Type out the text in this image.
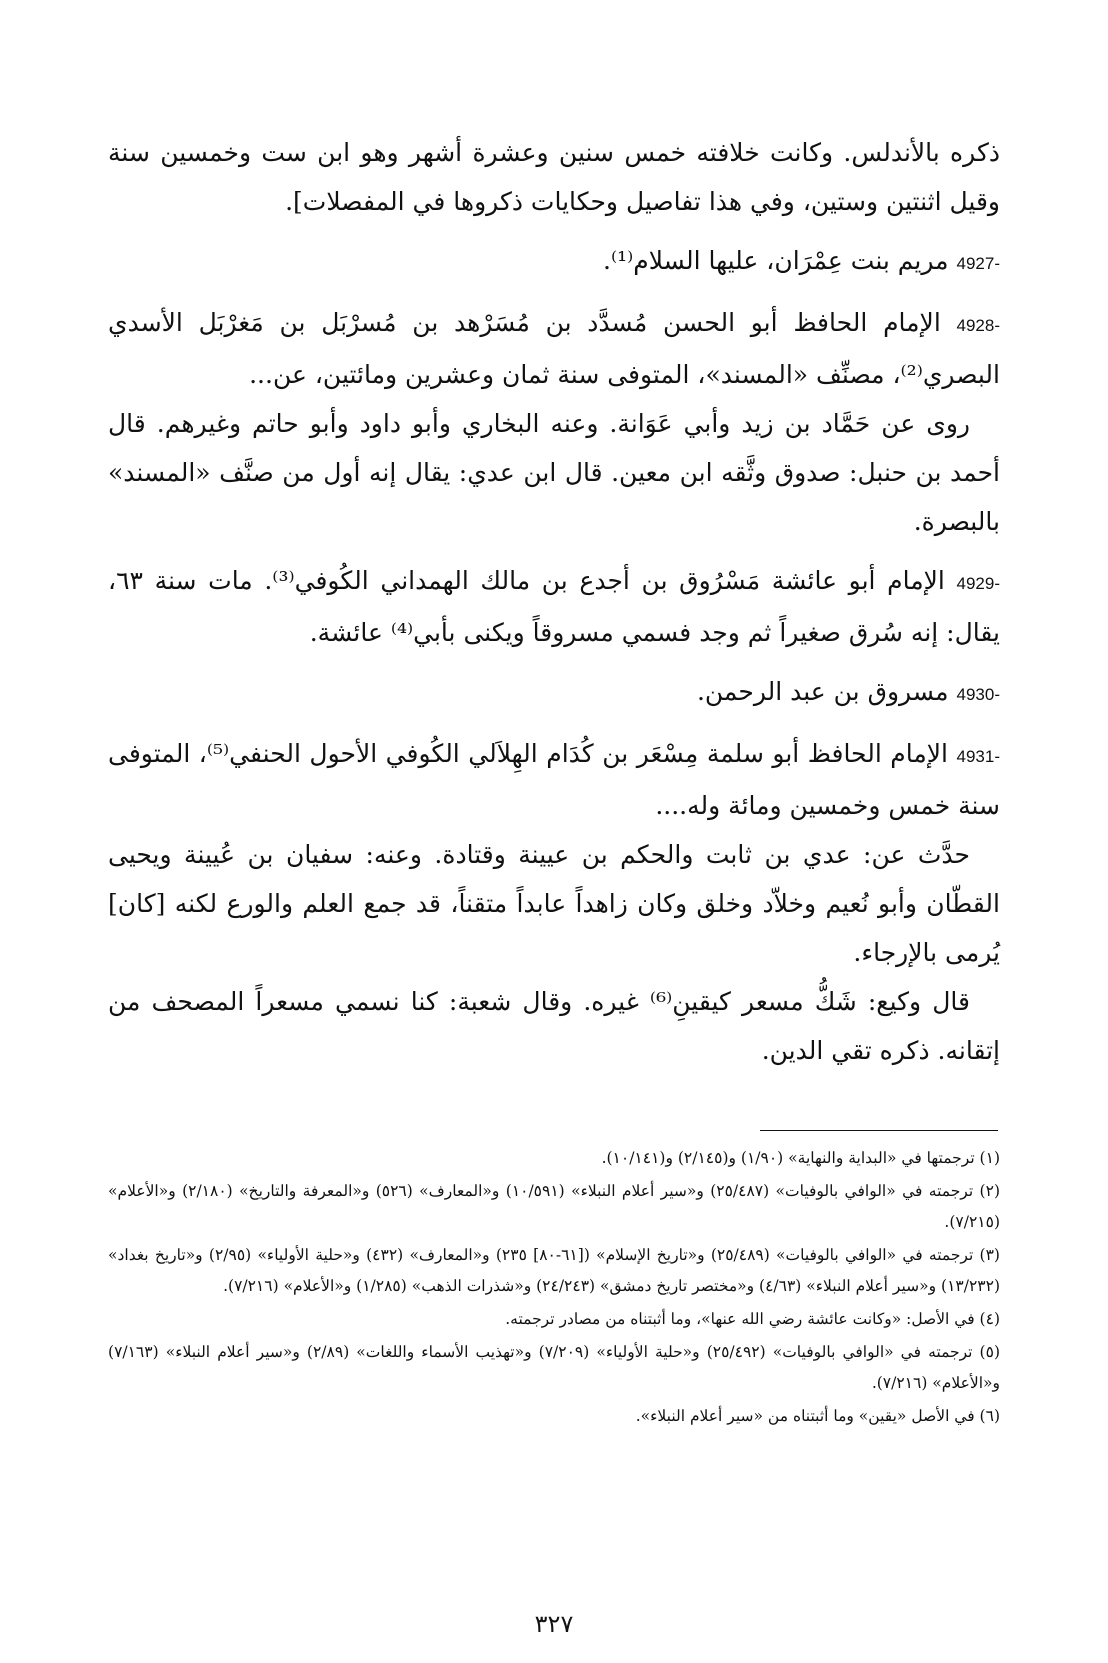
ذكره بالأندلس. وكانت خلافته خمس سنين وعشرة أشهر وهو ابن ست وخمسين سنة وقيل اثنتين وستين، وفي هذا تفاصيل وحكايات ذكروها في المفصلات].

4927- مريم بنت عِمْرَان، عليها السلام⁽¹⁾.
4928- الإمام الحافظ أبو الحسن مُسدَّد بن مُسَرْهد بن مُسرْبَل بن مَغرْبَل الأسدي البصري⁽²⁾، مصنِّف «المسند»، المتوفى سنة ثمان وعشرين ومائتين، عن...
روى عن حَمَّاد بن زيد وأبي عَوَانة. وعنه البخاري وأبو داود وأبو حاتم وغيرهم. قال أحمد بن حنبل: صدوق وثَّقه ابن معين. قال ابن عدي: يقال إنه أول من صنَّف «المسند» بالبصرة.
4929- الإمام أبو عائشة مَسْرُوق بن أجدع بن مالك الهمداني الكُوفي⁽³⁾. مات سنة ٦٣، يقال: إنه سُرق صغيراً ثم وجد فسمي مسروقاً ويكنى بأبي⁽⁴⁾ عائشة.
4930- مسروق بن عبد الرحمن.
4931- الإمام الحافظ أبو سلمة مِسْعَر بن كُدَام الهِلاَلي الكُوفي الأحول الحنفي⁽⁵⁾، المتوفى سنة خمس وخمسين ومائة وله....
حدَّث عن: عدي بن ثابت والحكم بن عيينة وقتادة. وعنه: سفيان بن عُيينة ويحيى القطّان وأبو نُعيم وخلاّد وخلق وكان زاهداً عابداً متقناً، قد جمع العلم والورع لكنه [كان] يُرمى بالإرجاء.
قال وكيع: شَكُّ مسعر كيقينِ⁽⁶⁾ غيره. وقال شعبة: كنا نسمي مسعراً المصحف من إتقانه. ذكره تقي الدين.
(١) ترجمتها في «البداية والنهاية» (١/٩٠) و(٢/١٤٥) و(١٠/١٤١).
(٢) ترجمته في «الوافي بالوفيات» (٢٥/٤٨٧) و«سير أعلام النبلاء» (١٠/٥٩١) و«المعارف» (٥٢٦) و«المعرفة والتاريخ» (٢/١٨٠) و«الأعلام» (٧/٢١٥).
(٣) ترجمته في «الوافي بالوفيات» (٢٥/٤٨٩) و«تاريخ الإسلام» ([٦١-٨٠] ٢٣٥) و«المعارف» (٤٣٢) و«حلية الأولياء» (٢/٩٥) و«تاريخ بغداد» (١٣/٢٣٢) و«سير أعلام النبلاء» (٤/٦٣) و«مختصر تاريخ دمشق» (٢٤/٢٤٣) و«شذرات الذهب» (١/٢٨٥) و«الأعلام» (٧/٢١٦).
(٤) في الأصل: «وكانت عائشة رضي الله عنها»، وما أثبتناه من مصادر ترجمته.
(٥) ترجمته في «الوافي بالوفيات» (٢٥/٤٩٢) و«حلية الأولياء» (٧/٢٠٩) و«تهذيب الأسماء واللغات» (٢/٨٩) و«سير أعلام النبلاء» (٧/١٦٣) و«الأعلام» (٧/٢١٦).
(٦) في الأصل «يقين» وما أثبتناه من «سير أعلام النبلاء».
٣٢٧
